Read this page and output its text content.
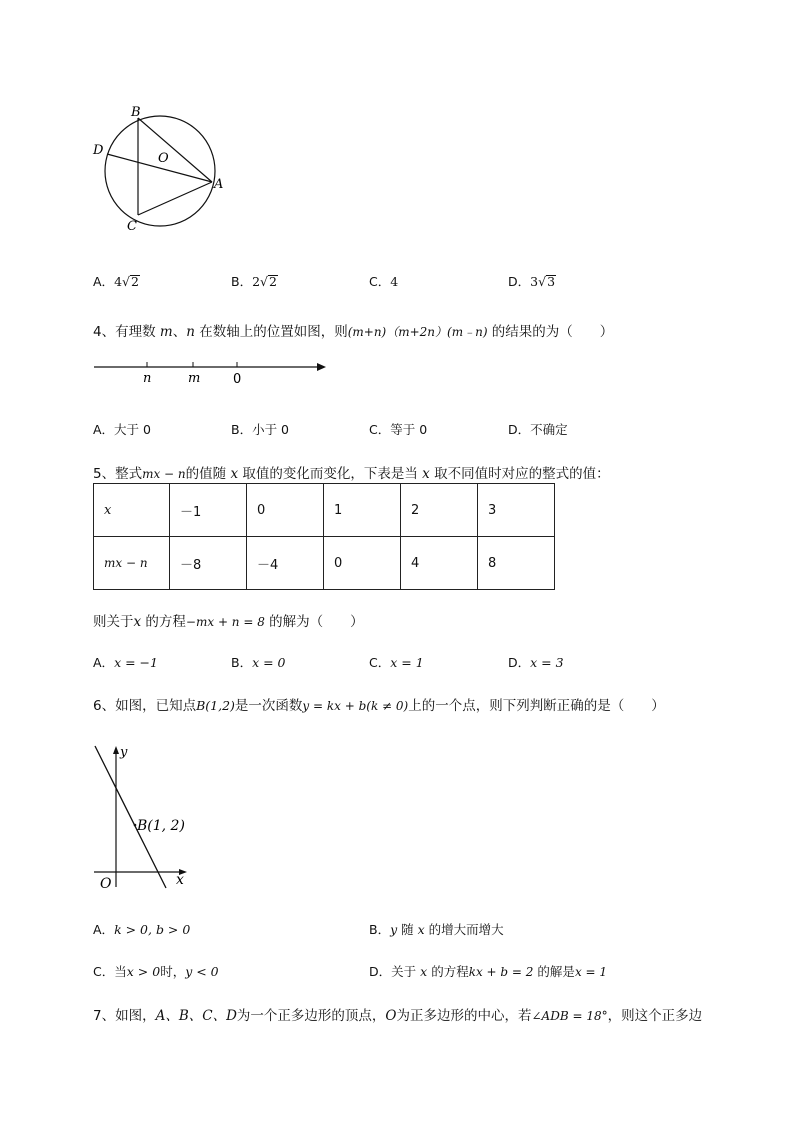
B
D
O
A
C
A．4√2	B．2√2	C．4	D．3√3
4、有理数 m、n 在数轴上的位置如图，则(m+n)（m+2n）(m﹣n) 的结果的为（　　）
n	m	0
A．大于 0	B．小于 0	C．等于 0	D．不确定
5、整式mx − n的值随 x 取值的变化而变化，下表是当 x 取不同值时对应的整式的值：
x	－1	0	1	2	3
mx − n	－8	－4	0	4	8
则关于x 的方程−mx + n = 8 的解为（　　）
A．x = −1	B．x = 0	C．x = 1	D．x = 3
6、如图，已知点B(1,2)是一次函数y = kx + b(k ≠ 0)上的一个点，则下列判断正确的是（　　）
y
x
O
B(1, 2)
A．k > 0, b > 0	B．y 随 x 的增大而增大
C．当x > 0时，y < 0	D．关于 x 的方程kx + b = 2 的解是x = 1
7、如图，A、B、C、D为一个正多边形的顶点，O为正多边形的中心，若∠ADB = 18°，则这个正多边
